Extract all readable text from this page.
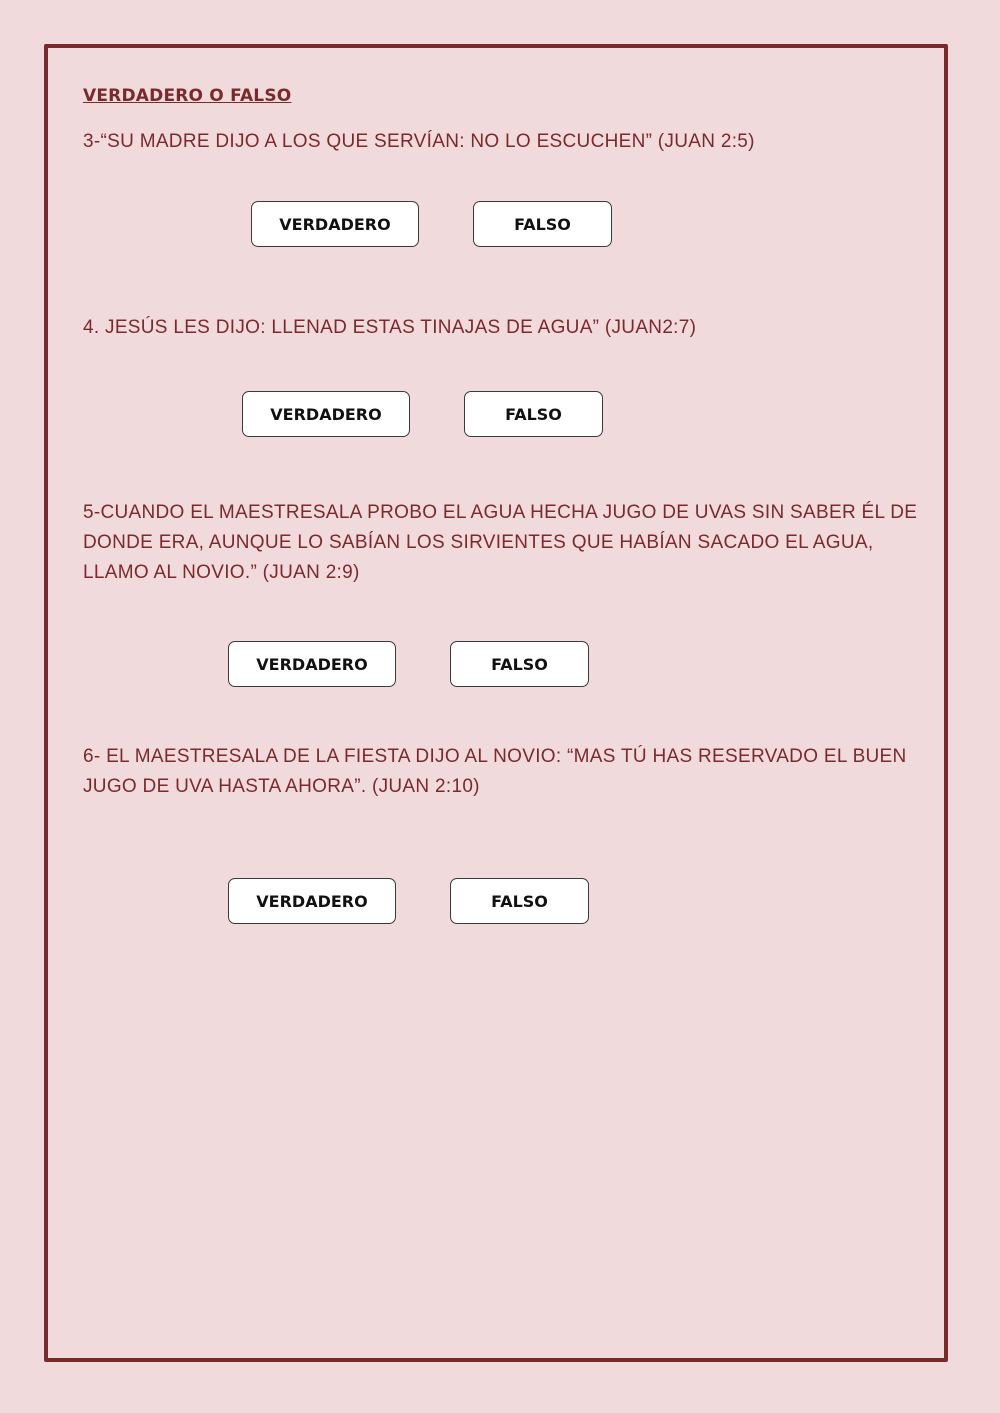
VERDADERO O FALSO
3-“SU MADRE DIJO A LOS QUE SERVÍAN: NO LO ESCUCHEN” (JUAN 2:5)
VERDADERO	FALSO
4. JESÚS LES DIJO: LLENAD ESTAS TINAJAS DE AGUA” (JUAN2:7)
VERDADERO	FALSO
5-CUANDO EL MAESTRESALA PROBO EL AGUA HECHA JUGO DE UVAS SIN SABER ÉL DE DONDE ERA, AUNQUE LO SABÍAN LOS SIRVIENTES QUE HABÍAN SACADO EL AGUA, LLAMO AL NOVIO.” (JUAN 2:9)
VERDADERO	FALSO
6- EL MAESTRESALA DE LA FIESTA DIJO AL NOVIO: “MAS TÚ HAS RESERVADO EL BUEN JUGO DE UVA HASTA AHORA”. (JUAN 2:10)
VERDADERO	FALSO
